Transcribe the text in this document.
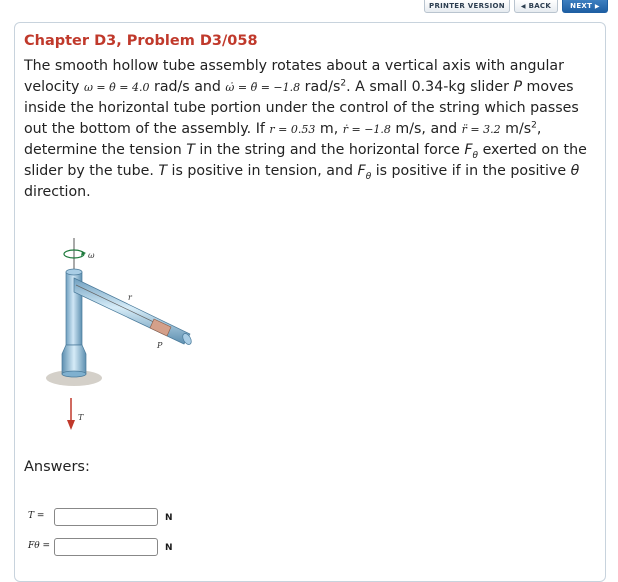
PRINTER VERSION	◀ BACK	NEXT ▶
Chapter D3, Problem D3/058
The smooth hollow tube assembly rotates about a vertical axis with angular velocity ω = θ̇ = 4.0 rad/s and ω̇ = θ̈ = −1.8 rad/$s^2$. A small 0.34-kg slider P moves inside the horizontal tube portion under the control of the string which passes out the bottom of the assembly. If r = 0.53 m, ṙ = −1.8 m/s, and r̈ = 3.2 $m/s^2$, determine the tension T in the string and the horizontal force $F_\theta$ exerted on the slider by the tube. T is positive in tension, and $F_\theta$ is positive if in the positive θ direction.
ω
r
P
T
Answers:
T =	N
Fθ =	N
